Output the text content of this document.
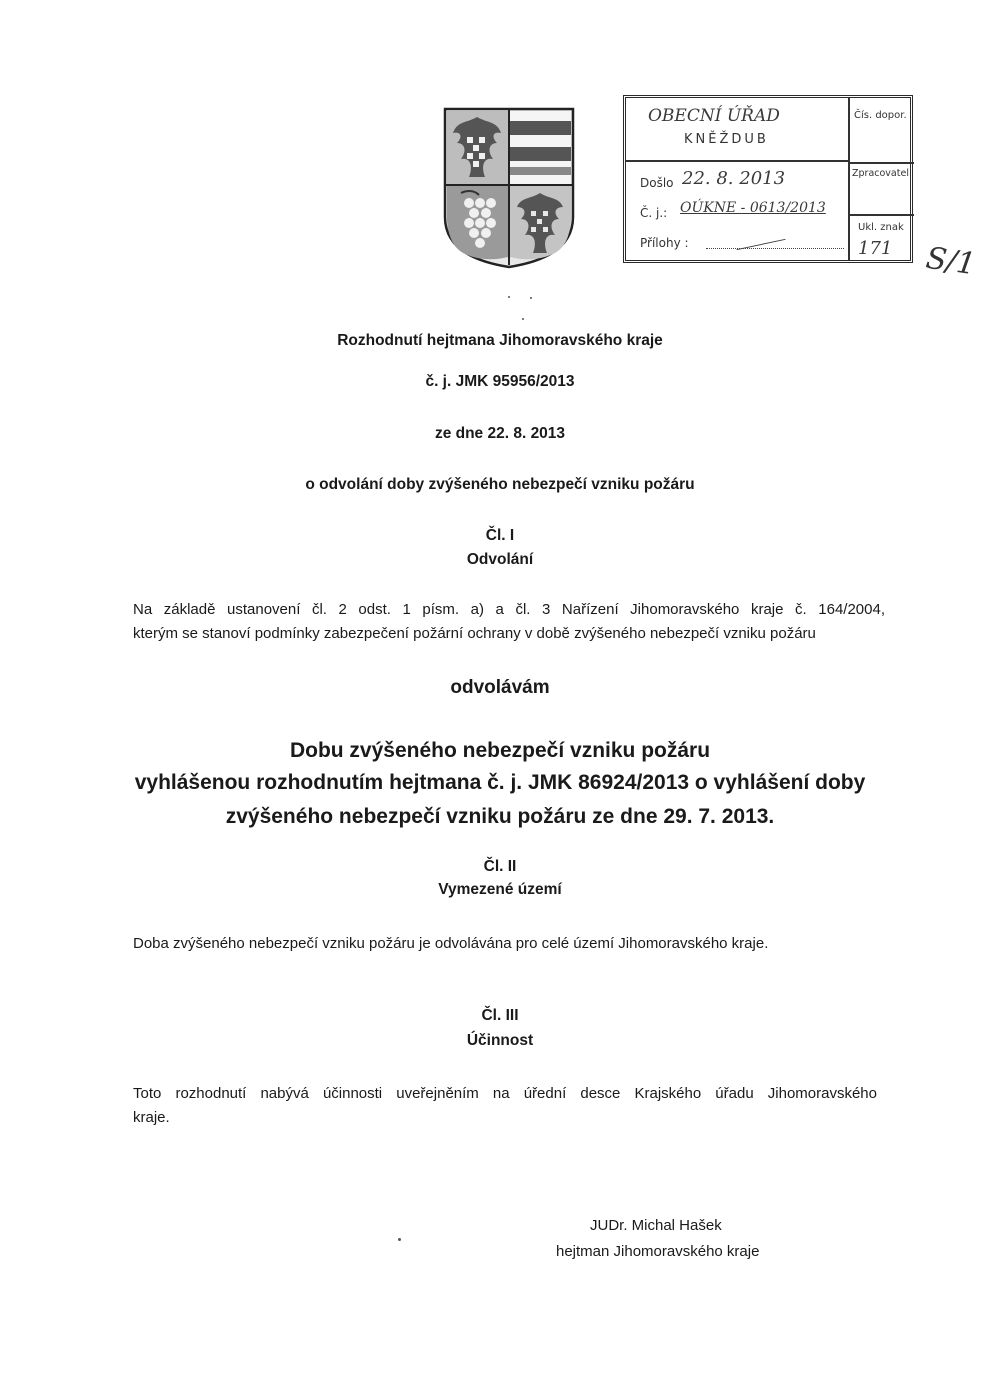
OBECNÍ ÚŘAD
KNĚŽDUB
Čís. dopor.
Došlo 22. 8. 2013	Zpracovatel
Č. j.: OÚKNE - 0613/2013
Ukl. znak
Přílohy :	171 S/1
Rozhodnutí hejtmana Jihomoravského kraje
č. j. JMK 95956/2013
ze dne 22. 8. 2013
o odvolání doby zvýšeného nebezpečí vzniku požáru
Čl. I
Odvolání
Na základě ustanovení čl. 2 odst. 1 písm. a) a čl. 3 Nařízení Jihomoravského kraje č. 164/2004,
kterým se stanoví podmínky zabezpečení požární ochrany v době zvýšeného nebezpečí vzniku požáru
odvolávám
Dobu zvýšeného nebezpečí vzniku požáru
vyhlášenou rozhodnutím hejtmana č. j. JMK 86924/2013 o vyhlášení doby
zvýšeného nebezpečí vzniku požáru ze dne 29. 7. 2013.
Čl. II
Vymezené území
Doba zvýšeného nebezpečí vzniku požáru je odvolávána pro celé území Jihomoravského kraje.
Čl. III
Účinnost
Toto rozhodnutí nabývá účinnosti uveřejněním na úřední desce Krajského úřadu Jihomoravského
kraje.
JUDr. Michal Hašek
hejtman Jihomoravského kraje
